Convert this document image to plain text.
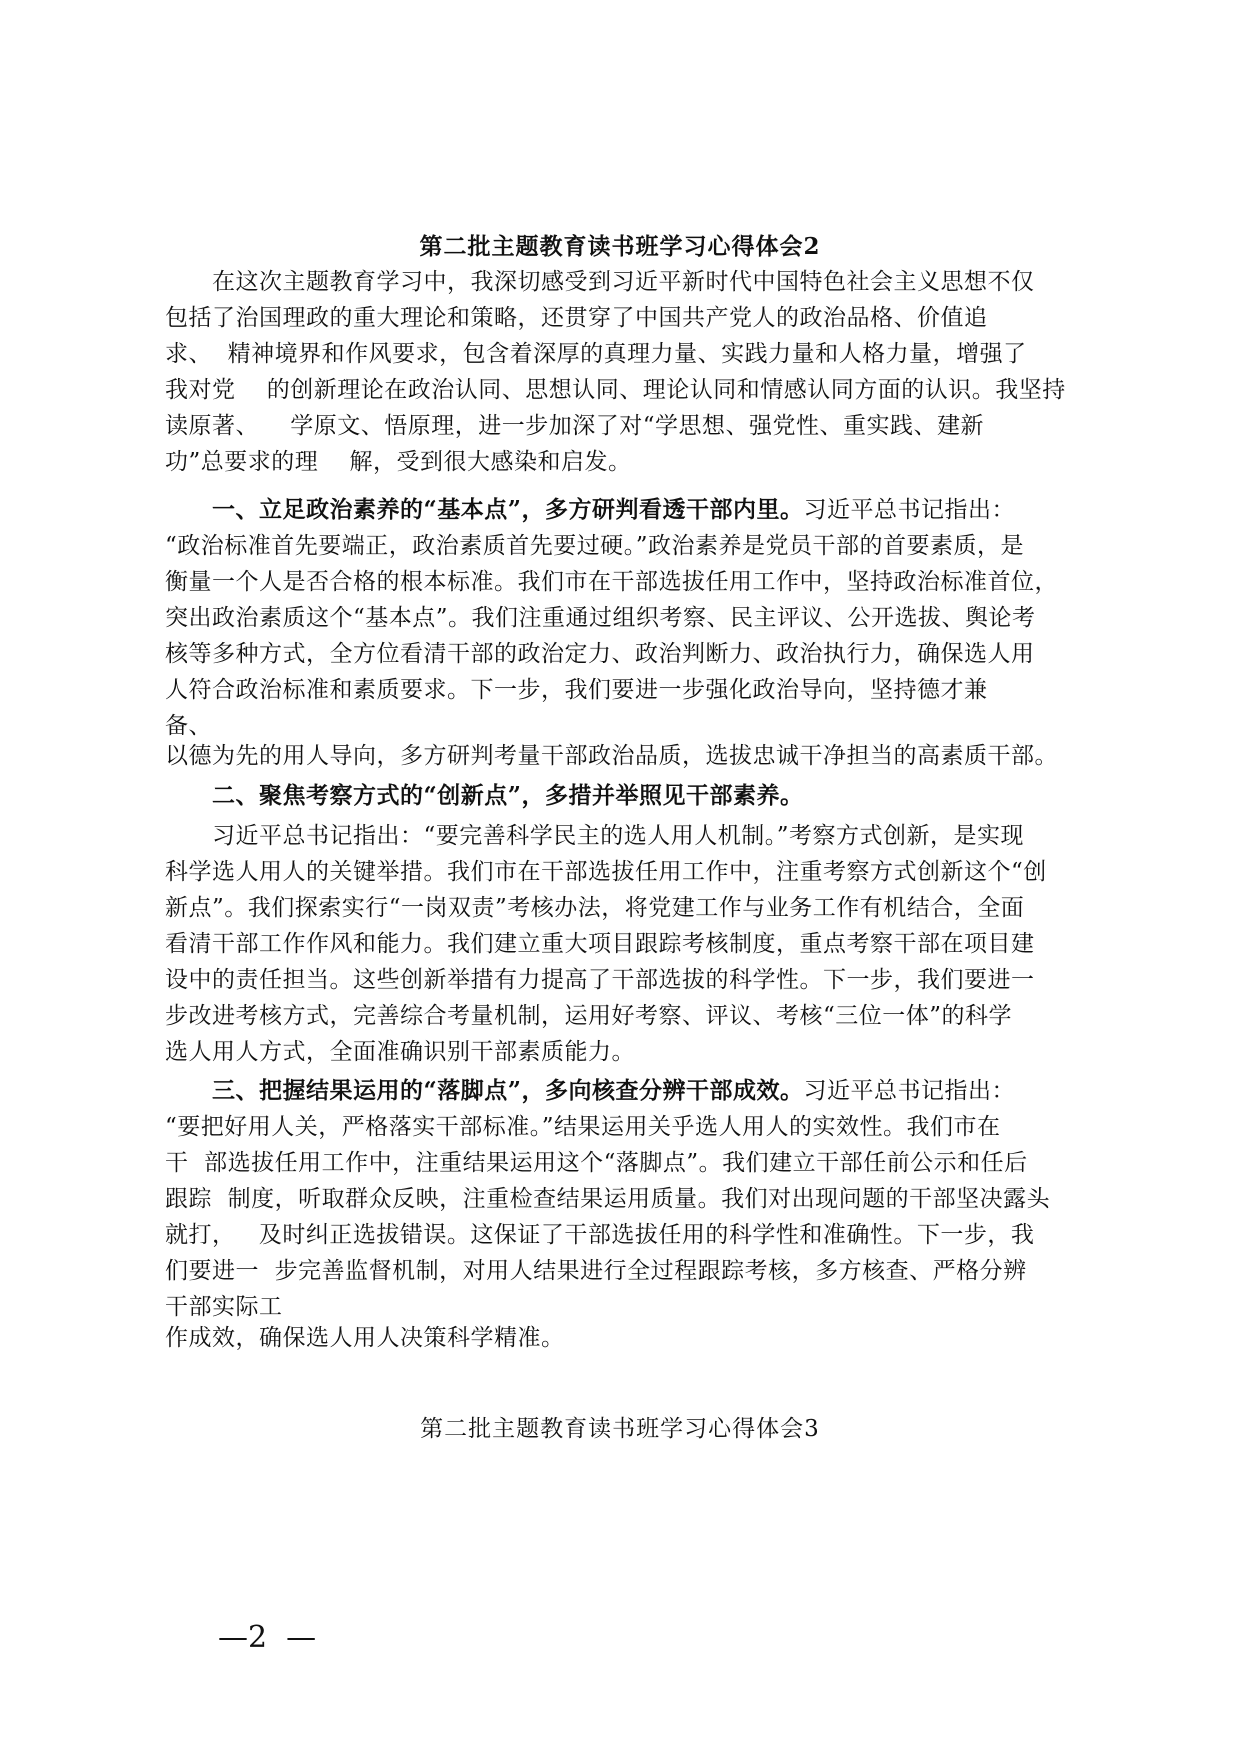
第二批主题教育读书班学习心得体会2
　　在这次主题教育学习中，我深切感受到习近平新时代中国特色社会主义思想不仅
包括了治国理政的重大理论和策略，还贯穿了中国共产党人的政治品格、价值追
求、  精神境界和作风要求，包含着深厚的真理力量、实践力量和人格力量，增强了
我对党    的创新理论在政治认同、思想认同、理论认同和情感认同方面的认识。我坚持
读原著、    学原文、悟原理，进一步加深了对“学思想、强党性、重实践、建新
功”总要求的理    解，受到很大感染和启发。
　　一、立足政治素养的“基本点”，多方研判看透干部内里。习近平总书记指出：
“政治标准首先要端正，政治素质首先要过硬。”政治素养是党员干部的首要素质，是
衡量一个人是否合格的根本标准。我们市在干部选拔任用工作中，坚持政治标准首位，
突出政治素质这个“基本点”。我们注重通过组织考察、民主评议、公开选拔、舆论考
核等多种方式，全方位看清干部的政治定力、政治判断力、政治执行力，确保选人用
人符合政治标准和素质要求。下一步，我们要进一步强化政治导向，坚持德才兼
备、
以德为先的用人导向，多方研判考量干部政治品质，选拔忠诚干净担当的高素质干部。
　　二、聚焦考察方式的“创新点”，多措并举照见干部素养。
　　习近平总书记指出：“要完善科学民主的选人用人机制。”考察方式创新，是实现
科学选人用人的关键举措。我们市在干部选拔任用工作中，注重考察方式创新这个“创
新点”。我们探索实行“一岗双责”考核办法，将党建工作与业务工作有机结合，全面
看清干部工作作风和能力。我们建立重大项目跟踪考核制度，重点考察干部在项目建
设中的责任担当。这些创新举措有力提高了干部选拔的科学性。下一步，我们要进一
步改进考核方式，完善综合考量机制，运用好考察、评议、考核“三位一体”的科学
选人用人方式，全面准确识别干部素质能力。
　　三、把握结果运用的“落脚点”，多向核查分辨干部成效。习近平总书记指出：
“要把好用人关，严格落实干部标准。”结果运用关乎选人用人的实效性。我们市在
干  部选拔任用工作中，注重结果运用这个“落脚点”。我们建立干部任前公示和任后
跟踪  制度，听取群众反映，注重检查结果运用质量。我们对出现问题的干部坚决露头
就打，   及时纠正选拔错误。这保证了干部选拔任用的科学性和准确性。下一步，我
们要进一  步完善监督机制，对用人结果进行全过程跟踪考核，多方核查、严格分辨
干部实际工
作成效，确保选人用人决策科学精准。
第二批主题教育读书班学习心得体会3
—2  —
